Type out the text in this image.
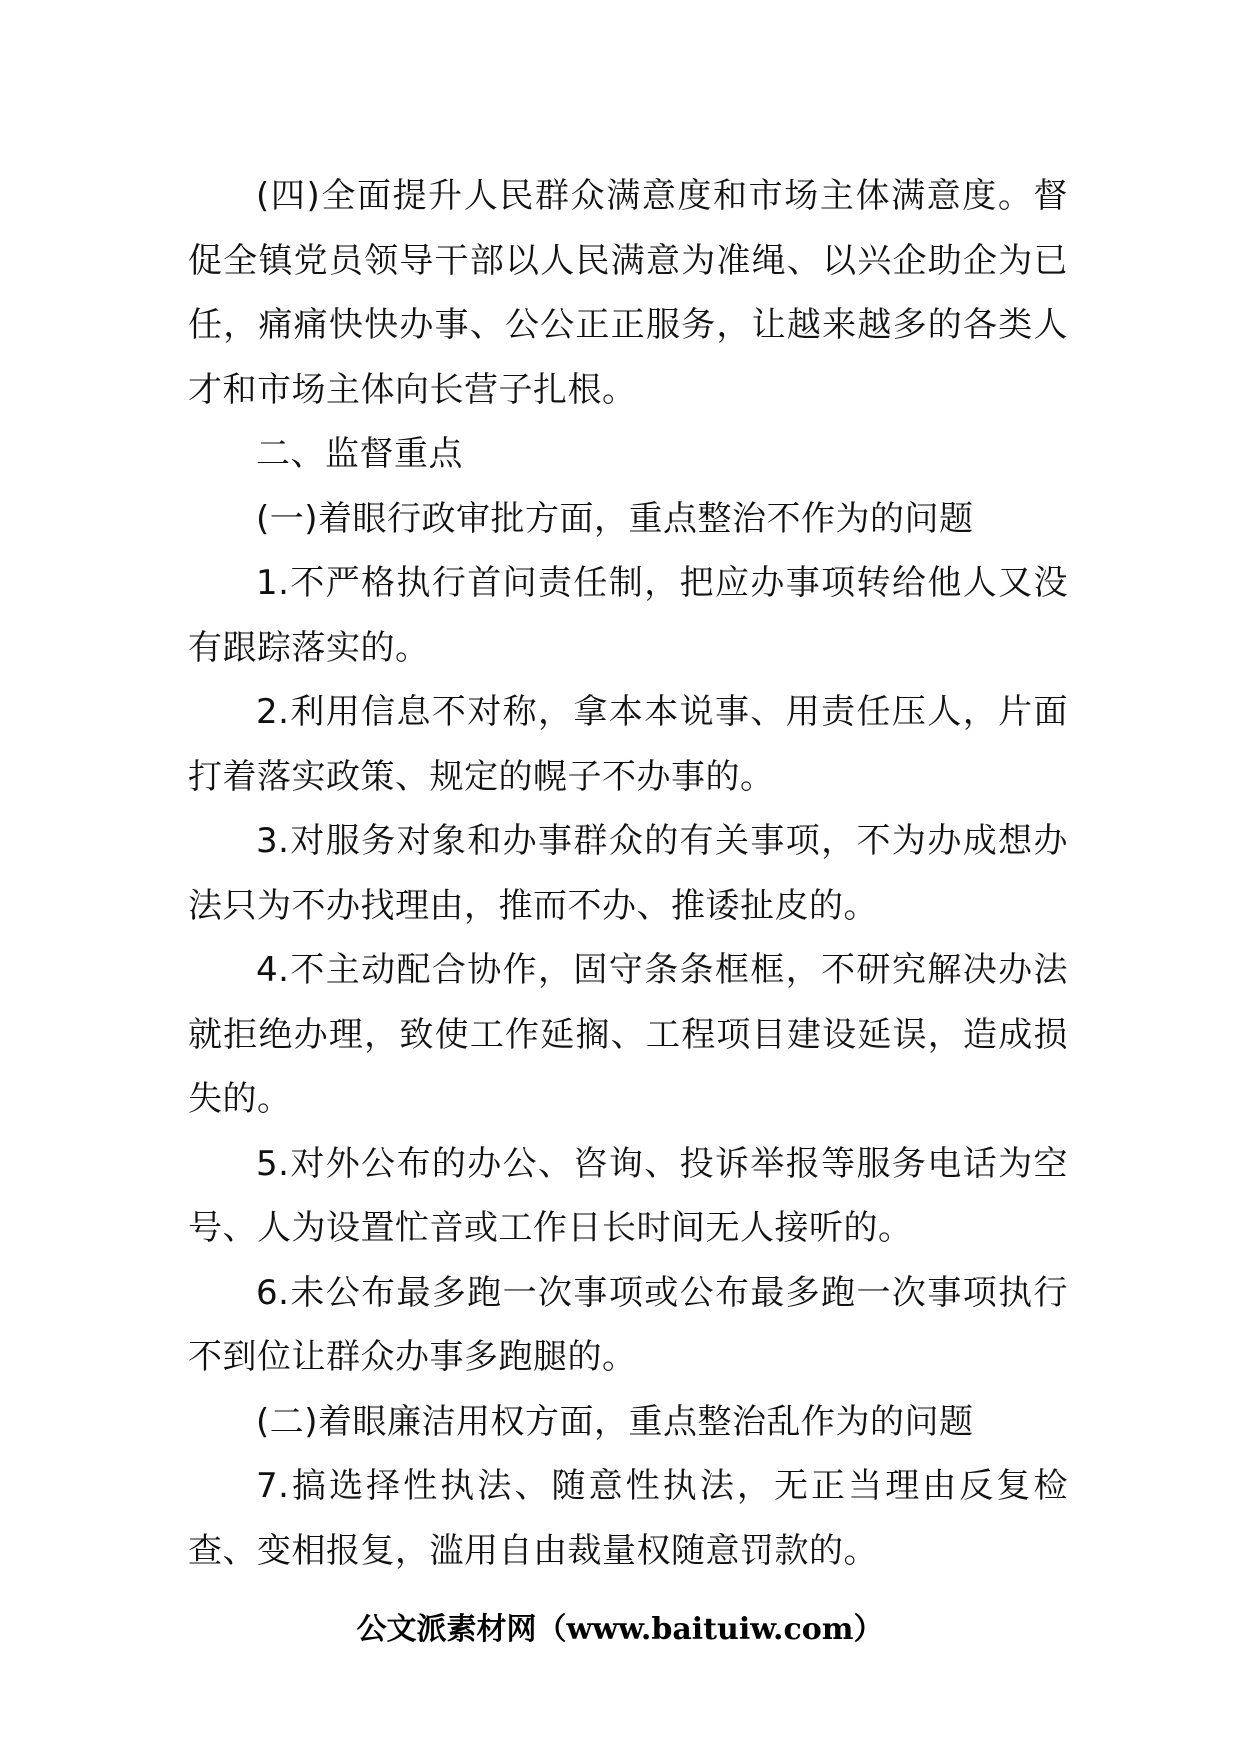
(四)全面提升人民群众满意度和市场主体满意度。督促全镇党员领导干部以人民满意为准绳、以兴企助企为已任，痛痛快快办事、公公正正服务，让越来越多的各类人才和市场主体向长营子扎根。

二、监督重点

(一)着眼行政审批方面，重点整治不作为的问题

1.不严格执行首问责任制，把应办事项转给他人又没有跟踪落实的。

2.利用信息不对称，拿本本说事、用责任压人，片面打着落实政策、规定的幌子不办事的。

3.对服务对象和办事群众的有关事项，不为办成想办法只为不办找理由，推而不办、推诿扯皮的。

4.不主动配合协作，固守条条框框，不研究解决办法就拒绝办理，致使工作延搁、工程项目建设延误，造成损失的。

5.对外公布的办公、咨询、投诉举报等服务电话为空号、人为设置忙音或工作日长时间无人接听的。

6.未公布最多跑一次事项或公布最多跑一次事项执行不到位让群众办事多跑腿的。

(二)着眼廉洁用权方面，重点整治乱作为的问题

7.搞选择性执法、随意性执法，无正当理由反复检查、变相报复，滥用自由裁量权随意罚款的。

公文派素材网（www.baituiw.com）
